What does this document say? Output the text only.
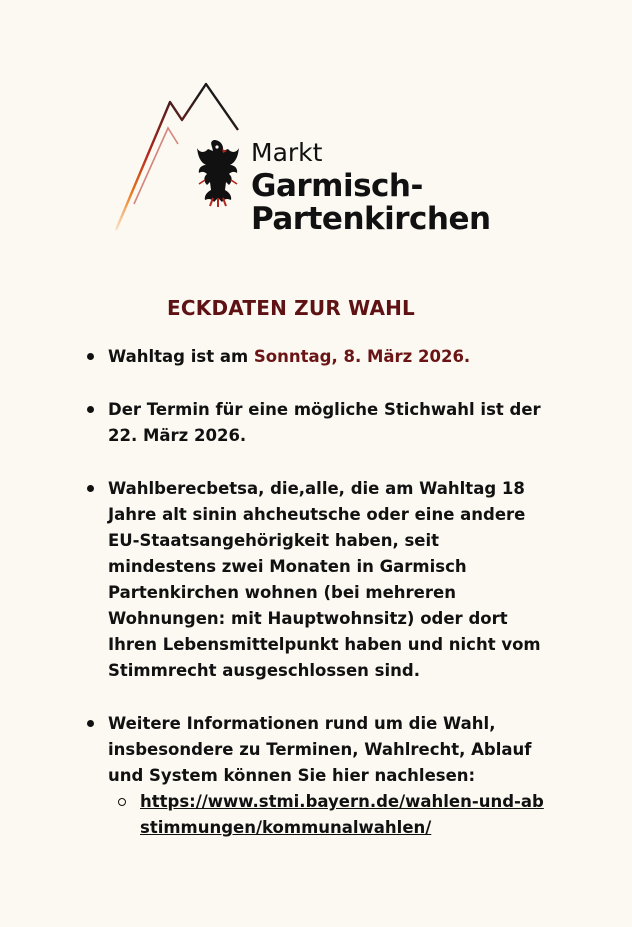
Markt
Garmisch-
Partenkirchen
ECKDATEN ZUR WAHL
Wahltag ist am Sonntag, 8. März 2026.
Der Termin für eine mögliche Stichwahl ist der
22. März 2026.
Wahlberecbetsa, die,alle, die am Wahltag 18 Jahre alt sinin ahcheutsche oder eine andere EU-Staatsangehörigkeit haben, seit mindestens zwei Monaten in Garmisch Partenkirchen wohnen (bei mehreren Wohnungen: mit Hauptwohnsitz) oder dort Ihren Lebensmittelpunkt haben und nicht vom Stimmrecht ausgeschlossen sind.
Weitere Informationen rund um die Wahl, insbesondere zu Terminen, Wahlrecht, Ablauf und System können Sie hier nachlesen:
https://www.stmi.bayern.de/wahlen-und-abstimmungen/kommunalwahlen/
